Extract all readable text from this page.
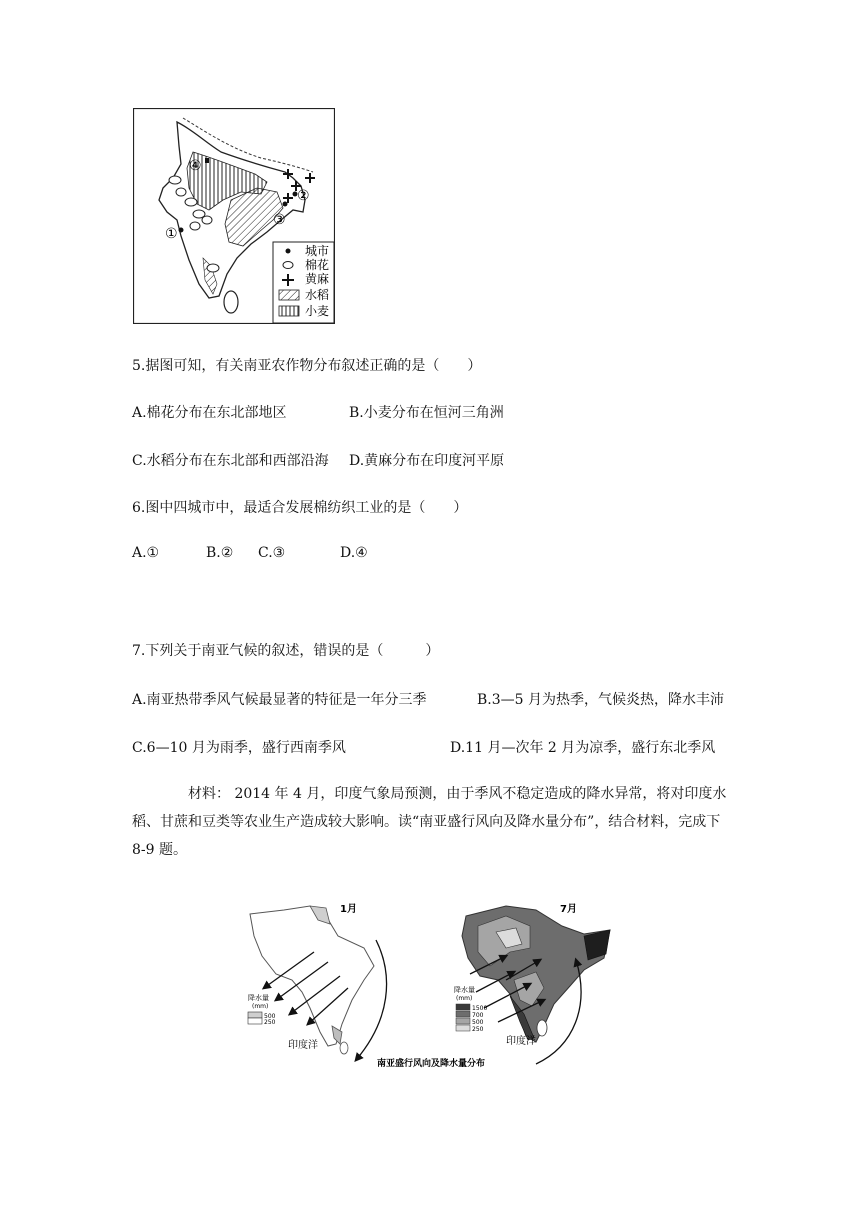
④
①
②
③
城市
棉花
黄麻
水稻
小麦
5.据图可知，有关南亚农作物分布叙述正确的是（　　）
A.棉花分布在东北部地区	B.小麦分布在恒河三角洲
C.水稻分布在东北部和西部沿海 D.黄麻分布在印度河平原
6.图中四城市中，最适合发展棉纺织工业的是（　　）
A.①	B.② C.③	D.④
7.下列关于南亚气候的叙述，错误的是（　　　）
A.南亚热带季风气候最显著的特征是一年分三季	B.3—5 月为热季，气候炎热，降水丰沛
C.6—10 月为雨季，盛行西南季风	D.11 月—次年 2 月为凉季，盛行东北季风
材料： 2014 年 4 月，印度气象局预测，由于季风不稳定造成的降水异常，将对印度水稻、甘蔗和豆类等农业生产造成较大影响。读“南亚盛行风向及降水量分布”，结合材料，完成下 8-9 题。
1月
降水量
(mm)
500
250
印度洋
7月
降水量
(mm)
1500
700
500
250
印度洋
南亚盛行风向及降水量分布
